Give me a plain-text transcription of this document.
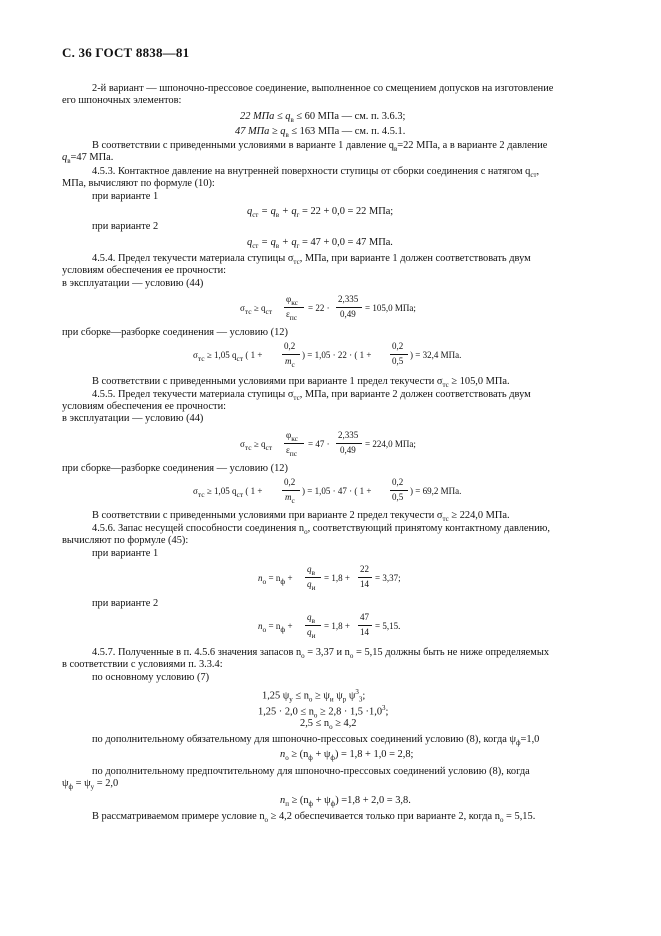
С. 36 ГОСТ 8838—81
2-й вариант — шпоночно-прессовое соединение, выполненное со смещением допусков на изготовление
его шпоночных элементов:
22 МПа ≤ $q_в \le 60$ МПа — см. п. 3.6.3;
47 МПа ≥ $q_в \le 163$ МПа — см. п. 4.5.1.
В соответствии с приведенными условиями в варианте 1 давление $q_в=22$ МПа, а в варианте 2 давление
$q_в=47$ МПа.
4.5.3. Контактное давление на внутренней поверхности ступицы от сборки соединения с натягом $q_{ст}$,
МПа, вычисляют по формуле (10):
при варианте 1
$q_{ст} = q_в + q_г = 22 + 0,0 = 22$ МПа;
при варианте 2
$q_{ст} = q_в + q_г = 47 + 0,0 = 47$ МПа.
4.5.4. Предел текучести материала ступицы $\sigma_{тс}$, МПа, при варианте 1 должен соответствовать двум
условиям обеспечения ее прочности:
в эксплуатации — условию (44)
$\sigma_{тс} \ge q_{ст}$
$\varphi_{кс}$
$\varepsilon_{пс}$
= 22 ·
2,335
0,49
= 105,0 МПа;
при сборке—разборке соединения — условию (12)
$\sigma_{тс} \ge 1,05$ $q_{ст}$ ( 1 +
0,2
$m_с$
) = 1,05 · 22 · ( 1 +
0,2
0,5
) = 32,4 МПа.
В соответствии с приведенными условиями при варианте 1 предел текучести $\sigma_{тс} \ge 105,0$ МПа.
4.5.5. Предел текучести материала ступицы $\sigma_{тс}$, МПа, при варианте 2 должен соответствовать двум
условиям обеспечения ее прочности:
в эксплуатации — условию (44)
$\sigma_{тс} \ge q_{ст}$
$\varphi_{кс}$
$\varepsilon_{пс}$
= 47 ·
2,335
0,49
= 224,0 МПа;
при сборке—разборке соединения — условию (12)
$\sigma_{тс} \ge 1,05$ $q_{ст}$ ( 1 +
0,2
$m_с$
) = 1,05 · 47 · ( 1 +
0,2
0,5
) = 69,2 МПа.
В соответствии с приведенными условиями при варианте 2 предел текучести $\sigma_{тс} \ge 224,0$ МПа.
4.5.6. Запас несущей способности соединения $n_о$, соответствующий принятому контактному давлению,
вычисляют по формуле (45):
при варианте 1
$n_о = n_ф$ +
$q_в$
$q_и$
= 1,8 +
22
14
= 3,37;
при варианте 2
$n_о = n_ф$ +
$q_в$
$q_и$
= 1,8 +
47
14
= 5,15.
4.5.7. Полученные в п. 4.5.6 значения запасов $n_о = 3,37$ и $n_о = 5,15$ должны быть не ниже определяемых
в соответствии с условиями п. 3.3.4:
по основному условию (7)
1,25 $\psi_у \le n_о \ge \psi_и$ $\psi_р$ $\psi^3_3$;
$1,25 \cdot 2,0 \le n_о \ge 2,8 \cdot 1,5 \cdot 1,0^3$;
$2,5 \le n_о \ge 4,2$
по дополнительному обязательному для шпоночно-прессовых соединений условию (8), когда $\psi_ф=1,0$
$n_о \ge (n_ф + \psi_ф) = 1,8 + 1,0 = 2,8$;
по дополнительному предпочтительному для шпоночно-прессовых соединений условию (8), когда
$\psi_ф = \psi_у = 2,0$
$n_п \ge (n_ф + \psi_ф) =1,8 + 2,0 = 3,8$.
В рассматриваемом примере условие $n_о \ge 4,2$ обеспечивается только при варианте 2, когда $n_о = 5,15$.
